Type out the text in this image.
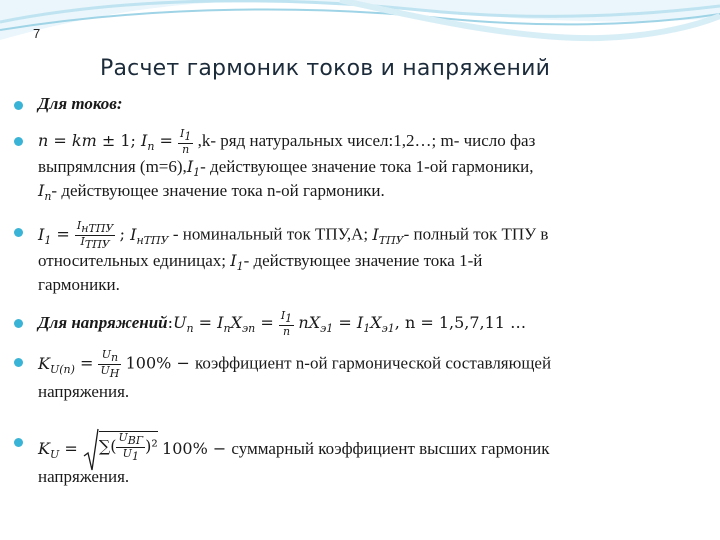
7
Расчет гармоник токов и напряжений
Для токов:
n = km ± 1; $I_n = \frac{I_1}{n} ,k-$ ряд натуральных чисел:1,2…; m- число фаз
выпрямлсния $(m=6),I_1-$ действующее значение тока 1-ой гармоники,
$I_n-$ действующее значение тока n-ой гармоники.
$I_1 = \frac{I_{нТПУ}}{I_{ТПУ}}$ ; $I_{нТПУ}$ - номинальный ток ТПУ,А; $I_{ТПУ}-$ полный ток ТПУ в
относительных единицах; $I_1-$ действующее значение тока 1-й
гармоники.
Для $напряжений:U_n = I_nX_{эп} = \frac{I_1}{n} nX_{э1} = I_1X_{э1}$, n = 1,5,7,11 …
$K_{U(n)} = \frac{U_n}{U_Н} 100\%$ − коэффициент n-ой гармонической составляющей
напряжения.
$K_U$ = ∑( $\frac{U_{ВГ}}{U_1} )^2$ 100% − суммарный коэффициент высших гармоник
напряжения.
